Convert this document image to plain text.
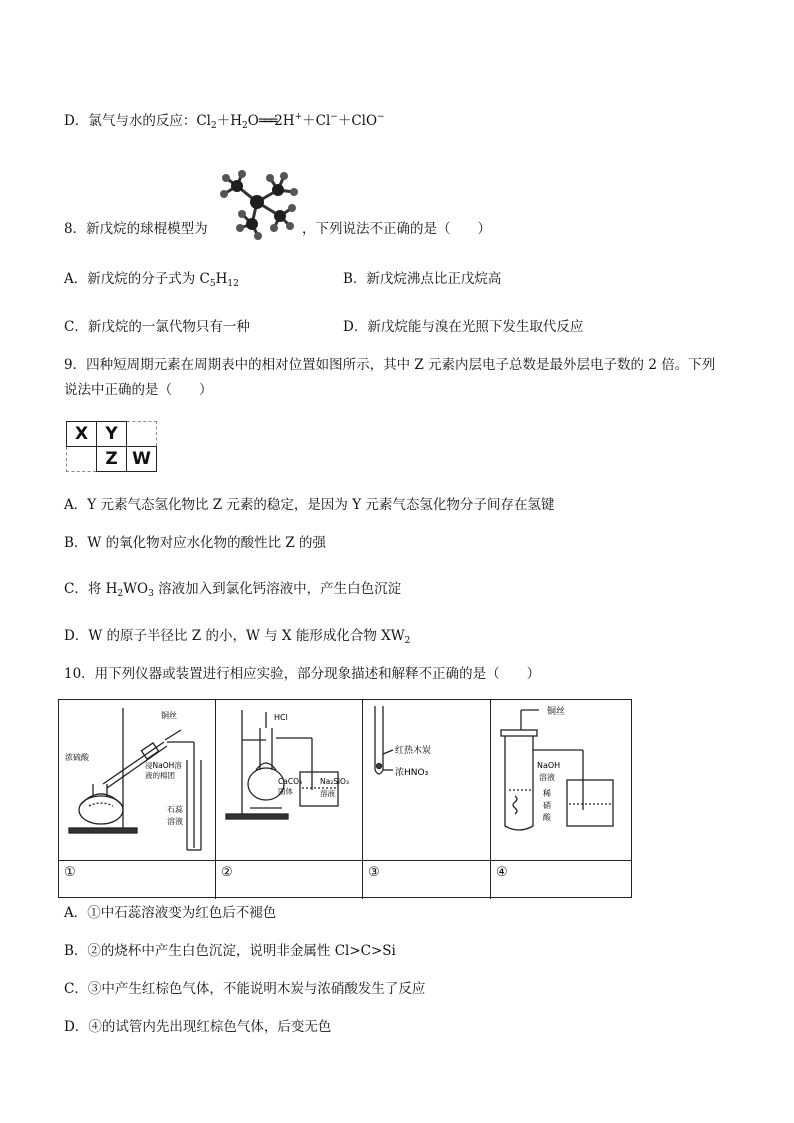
D．氯气与水的反应：$Cl_2+H_2O═══2H^++Cl^-+ClO^-$
8．新戊烷的球棍模型为	，下列说法不正确的是（　　）
A．新戊烷的分子式为 $C_5H_{12}$	B．新戊烷沸点比正戊烷高
C．新戊烷的一氯代物只有一种	D．新戊烷能与溴在光照下发生取代反应
9．四种短周期元素在周期表中的相对位置如图所示，其中 Z 元素内层电子总数是最外层电子数的 2 倍。下列
说法中正确的是（　　）
X	Y	
	Z	W
A．Y 元素气态氢化物比 Z 元素的稳定，是因为 Y 元素气态氢化物分子间存在氢键
B．W 的氧化物对应水化物的酸性比 Z 的强
C．将 $H_2WO_3$ 溶液加入到氯化钙溶液中，产生白色沉淀
D．W 的原子半径比 Z 的小，W 与 X 能形成化合物 $XW_2$
10．用下列仪器或装置进行相应实验，部分现象描述和解释不正确的是（　　）
铜丝
浓硫酸
浸NaOH溶
液的棉团
石蕊
溶液
HCl
CaCO₃
固体
Na₂SiO₃
溶液
红热木炭
浓HNO₃
铜丝
NaOH
溶液
稀
硝
酸
①	②	③	④
A．①中石蕊溶液变为红色后不褪色
B．②的烧杯中产生白色沉淀，说明非金属性 Cl>C>Si
C．③中产生红棕色气体，不能说明木炭与浓硝酸发生了反应
D．④的试管内先出现红棕色气体，后变无色
